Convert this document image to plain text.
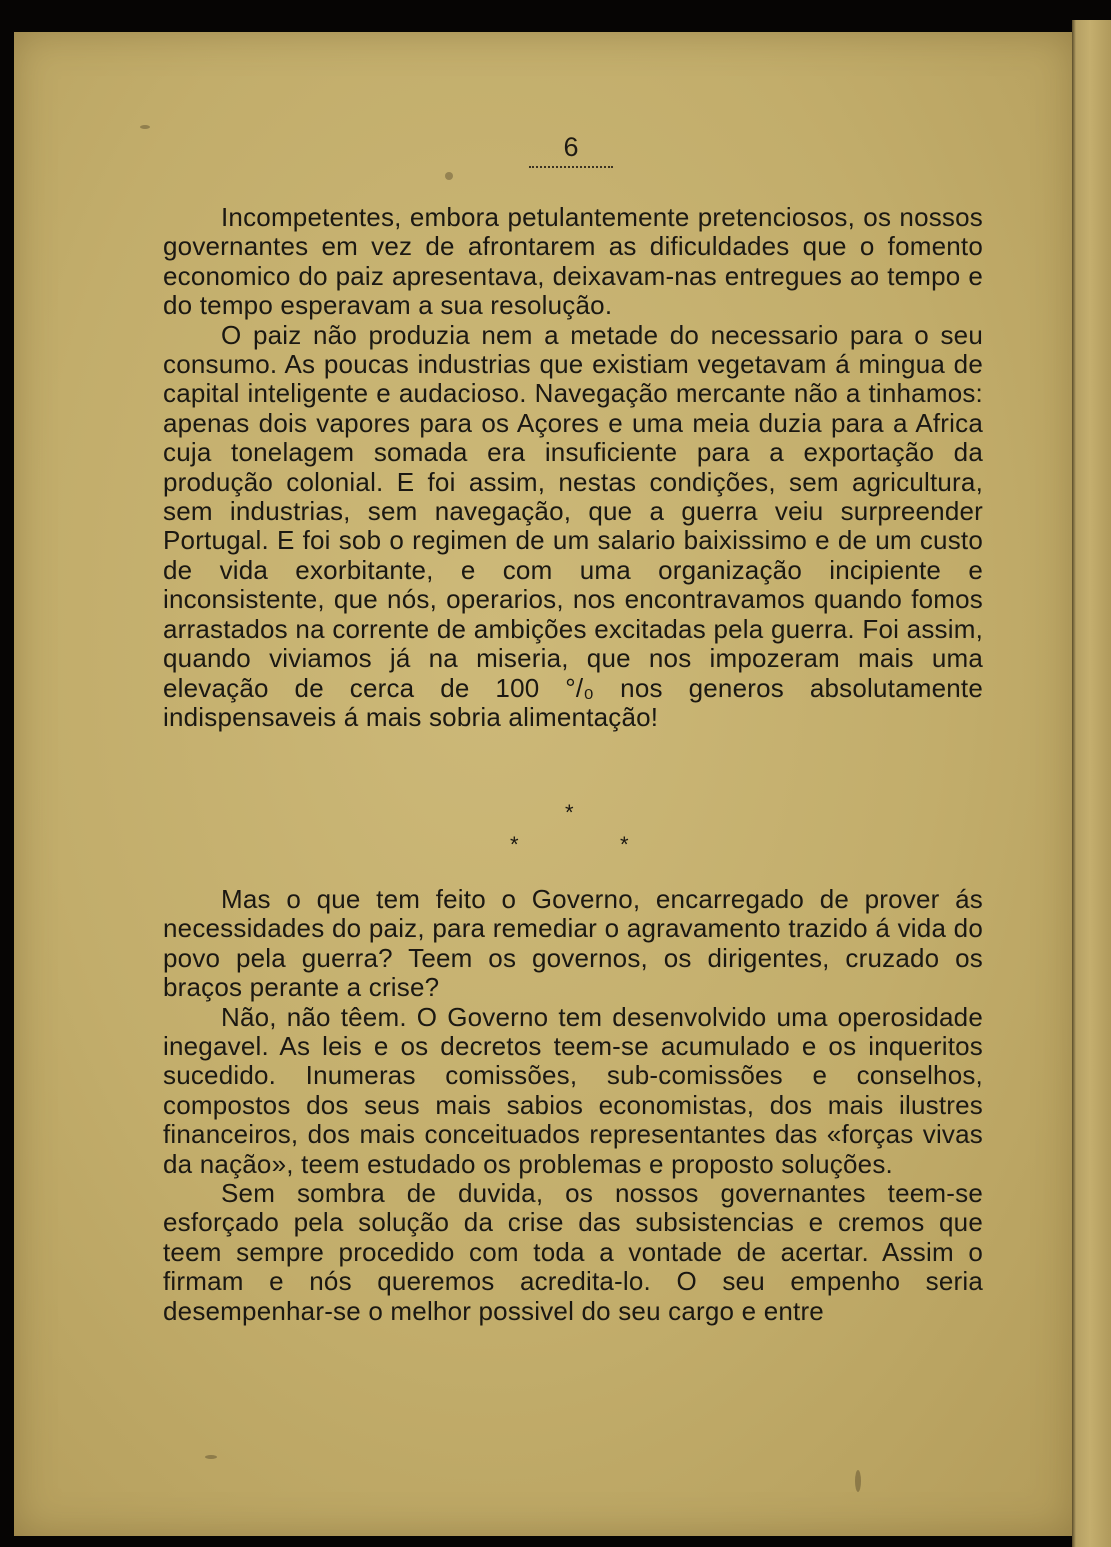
6

Incompetentes, embora petulantemente pretenciosos, os nossos governantes em vez de afrontarem as dificuldades que o fomento economico do paiz apresentava, deixavam-nas entregues ao tempo e do tempo esperavam a sua resolução.

O paiz não produzia nem a metade do necessario para o seu consumo. As poucas industrias que existiam vegetavam á mingua de capital inteligente e audacioso. Navegação mercante não a tinhamos: apenas dois vapores para os Açores e uma meia duzia para a Africa cuja tonelagem somada era insuficiente para a exportação da produção colonial. E foi assim, nestas condições, sem agricultura, sem industrias, sem navegação, que a guerra veiu surpreender Portugal. E foi sob o regimen de um salario baixissimo e de um custo de vida exorbitante, e com uma organização incipiente e inconsistente, que nós, operarios, nos encontravamos quando fomos arrastados na corrente de ambições excitadas pela guerra. Foi assim, quando viviamos já na miseria, que nos impozeram mais uma elevação de cerca de 100 °/₀ nos generos absolutamente indispensaveis á mais sobria alimentação!

*
*	*

Mas o que tem feito o Governo, encarregado de prover ás necessidades do paiz, para remediar o agravamento trazido á vida do povo pela guerra? Teem os governos, os dirigentes, cruzado os braços perante a crise?

Não, não têem. O Governo tem desenvolvido uma operosidade inegavel. As leis e os decretos teem-se acumulado e os inqueritos sucedido. Inumeras comissões, sub-comissões e conselhos, compostos dos seus mais sabios economistas, dos mais ilustres financeiros, dos mais conceituados representantes das «forças vivas da nação», teem estudado os problemas e proposto soluções.

Sem sombra de duvida, os nossos governantes teem-se esforçado pela solução da crise das subsistencias e cremos que teem sempre procedido com toda a vontade de acertar. Assim o firmam e nós queremos acredita-lo. O seu empenho seria desempenhar-se o melhor possivel do seu cargo e entre
